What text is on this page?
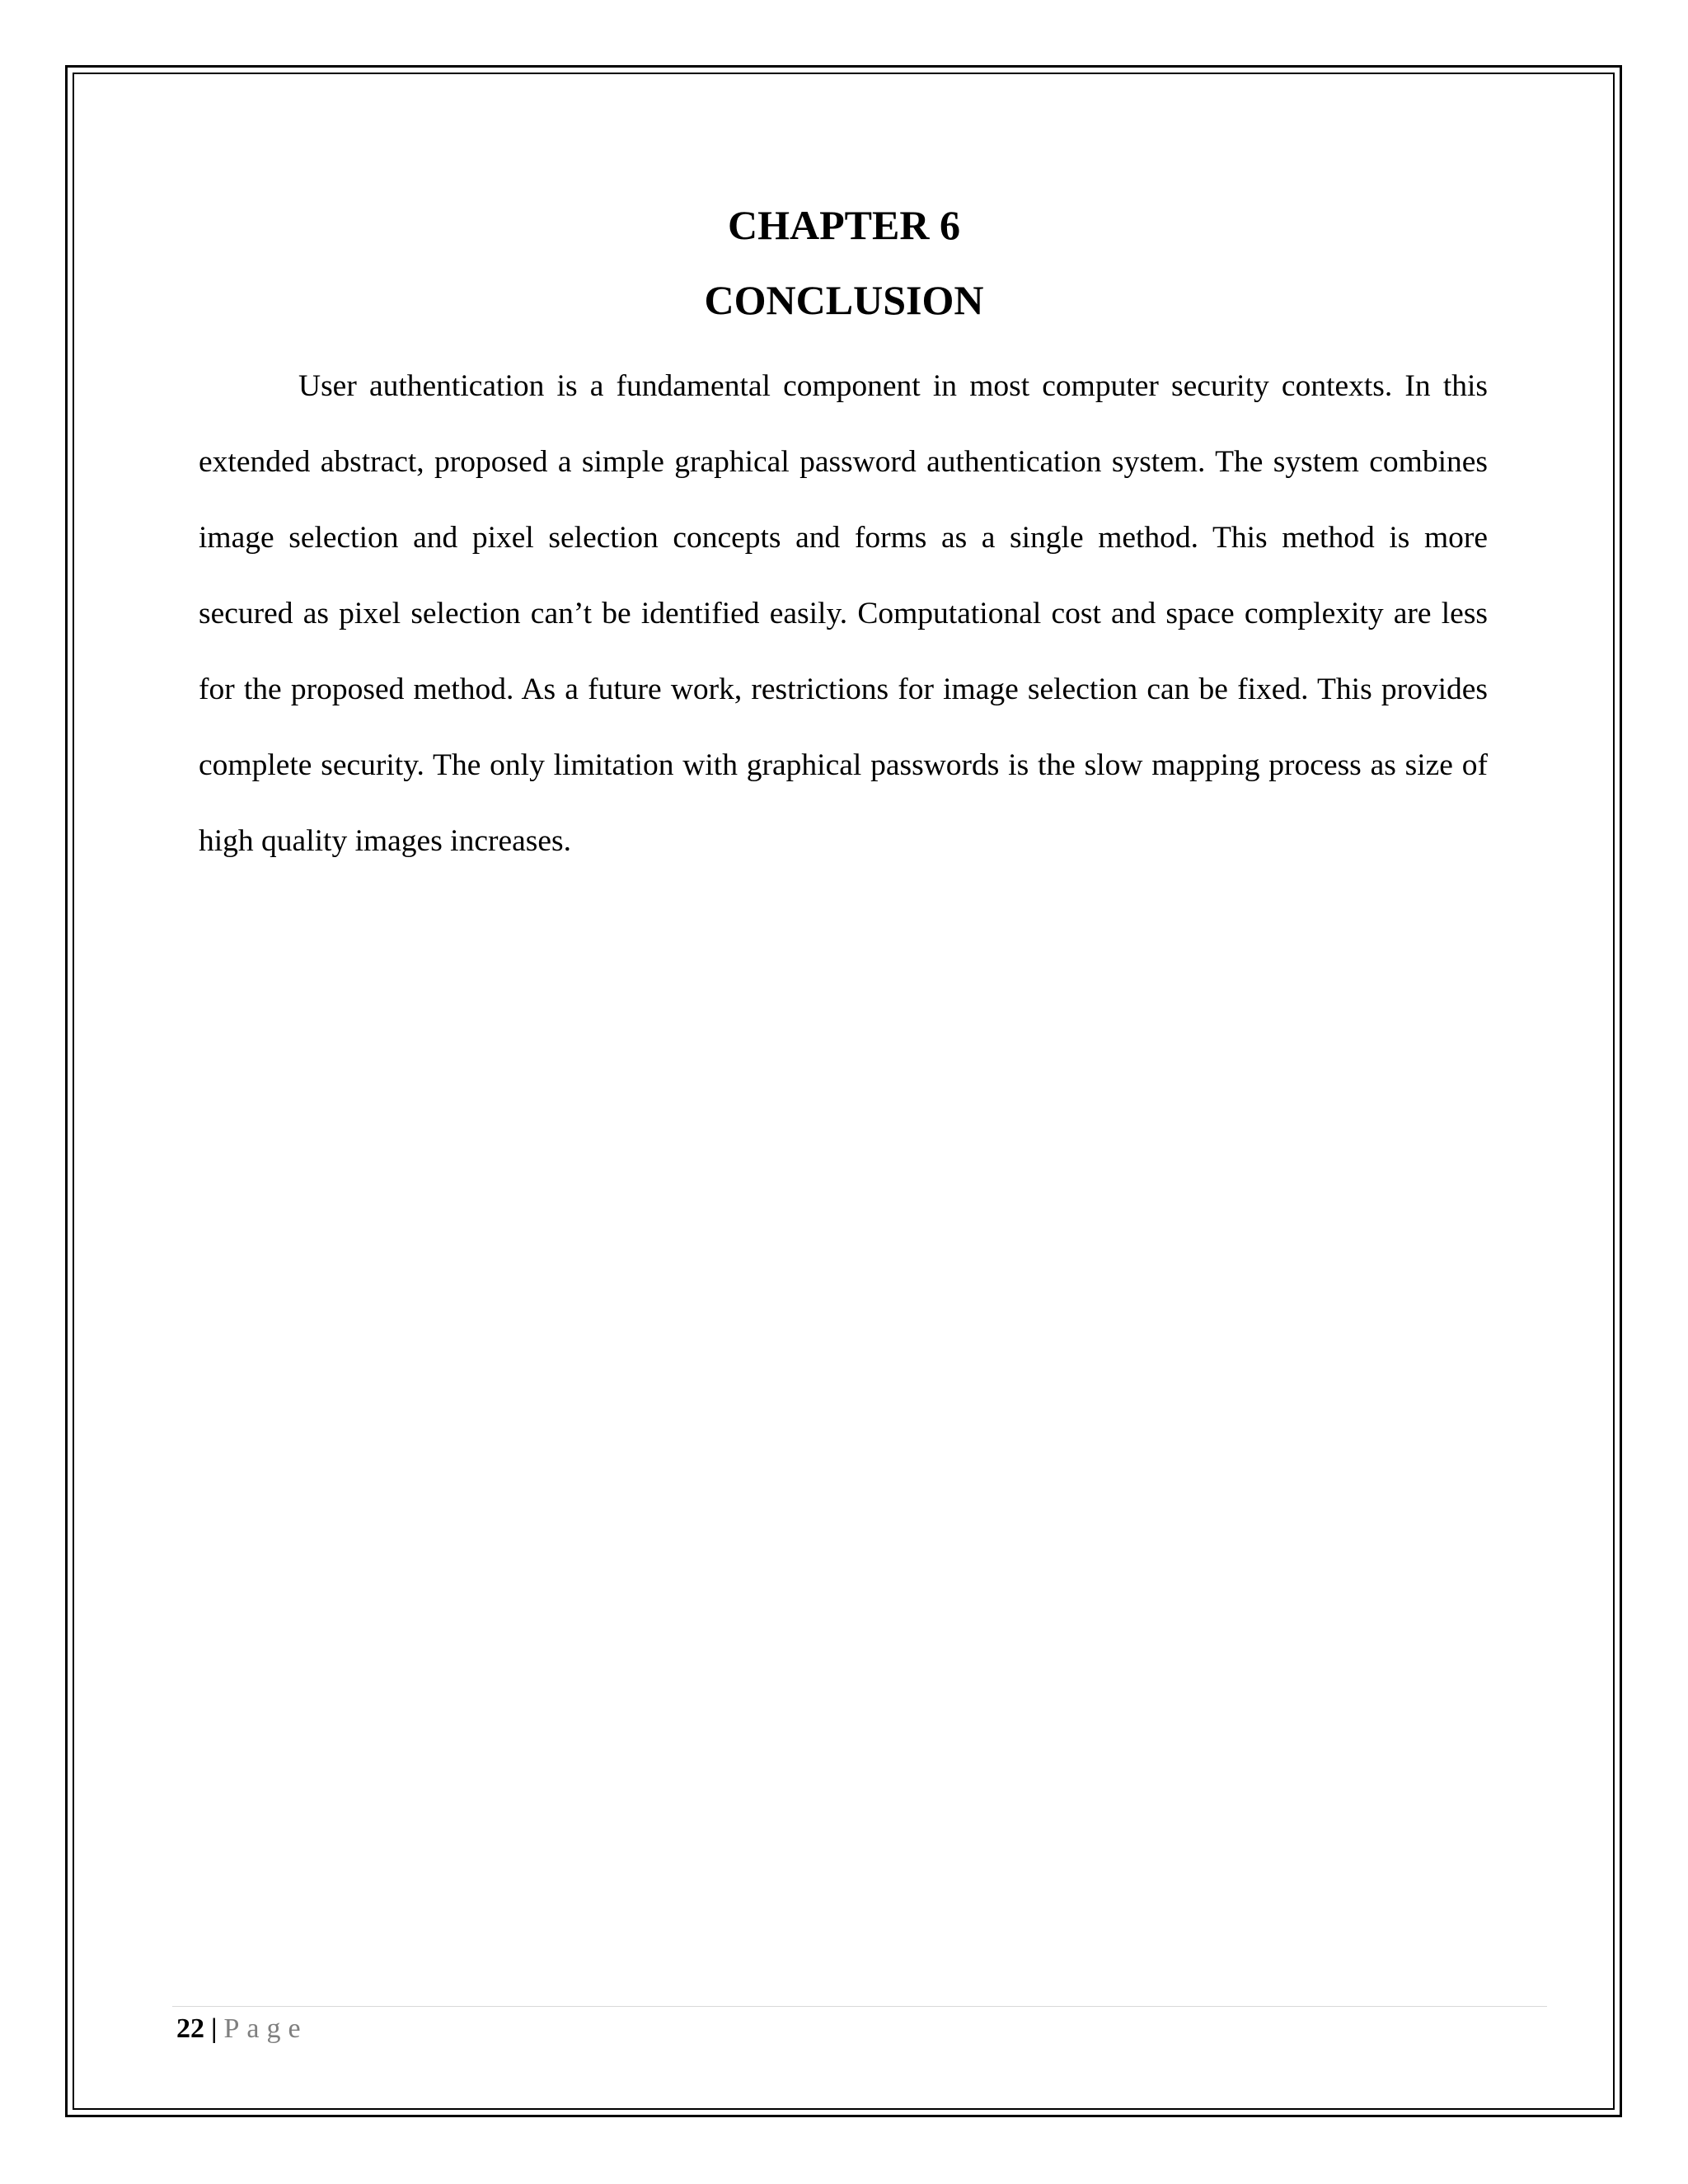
CHAPTER 6
CONCLUSION

User authentication is a fundamental component in most computer security contexts. In this extended abstract, proposed a simple graphical password authentication system. The system combines image selection and pixel selection concepts and forms as a single method. This method is more secured as pixel selection can’t be identified easily. Computational cost and space complexity are less for the proposed method. As a future work, restrictions for image selection can be fixed. This provides complete security. The only limitation with graphical passwords is the slow mapping process as size of high quality images increases.

22 | Page
